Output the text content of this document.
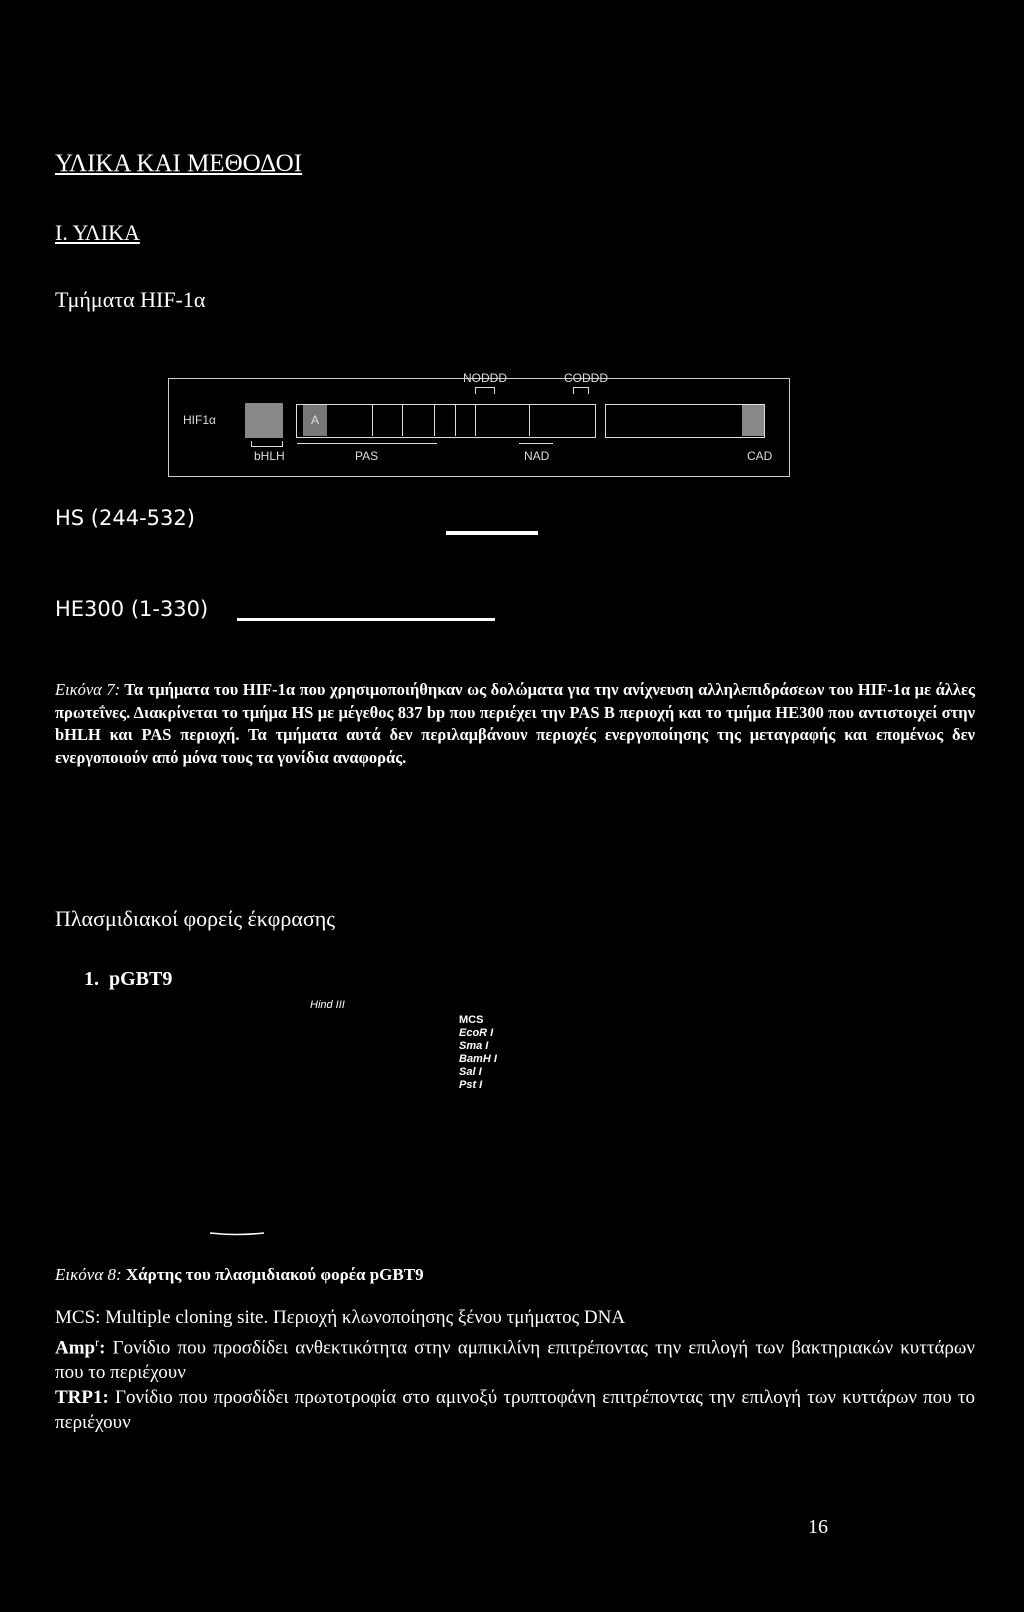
ΥΛΙΚΑ ΚΑΙ ΜΕΘΟΔΟΙ
Ι. ΥΛΙΚΑ
Τμήματα HIF-1α
HIF1α
NODDD	CODDD
A
bHLH	PAS	NAD	CAD
HS (244-532)
HE300 (1-330)
Εικόνα 7: Τα τμήματα του HIF-1α που χρησιμοποιήθηκαν ως δολώματα για την ανίχνευση αλληλεπιδράσεων του HIF-1α με άλλες πρωτεΐνες. Διακρίνεται το τμήμα HS με μέγεθος 837 bp που περιέχει την PAS B περιοχή και το τμήμα HE300 που αντιστοιχεί στην bHLH και PAS περιοχή. Τα τμήματα αυτά δεν περιλαμβάνουν περιοχές ενεργοποίησης της μεταγραφής και επομένως δεν ενεργοποιούν από μόνα τους τα γονίδια αναφοράς.
Πλασμιδιακοί φορείς έκφρασης
1.  pGBT9
Hind III
MCS
EcoR I
Sma I
BamH I
Sal I
Pst I
Εικόνα 8: Χάρτης του πλασμιδιακού φορέα pGBT9
MCS: Multiple cloning site. Περιοχή κλωνοποίησης ξένου τμήματος DNA
Amp$^r$: Γονίδιο που προσδίδει ανθεκτικότητα στην αμπικιλίνη επιτρέποντας την επιλογή των βακτηριακών κυττάρων που το περιέχουν
TRP1: Γονίδιο που προσδίδει πρωτοτροφία στο αμινοξύ τρυπτοφάνη επιτρέποντας την επιλογή των κυττάρων που το περιέχουν
16
